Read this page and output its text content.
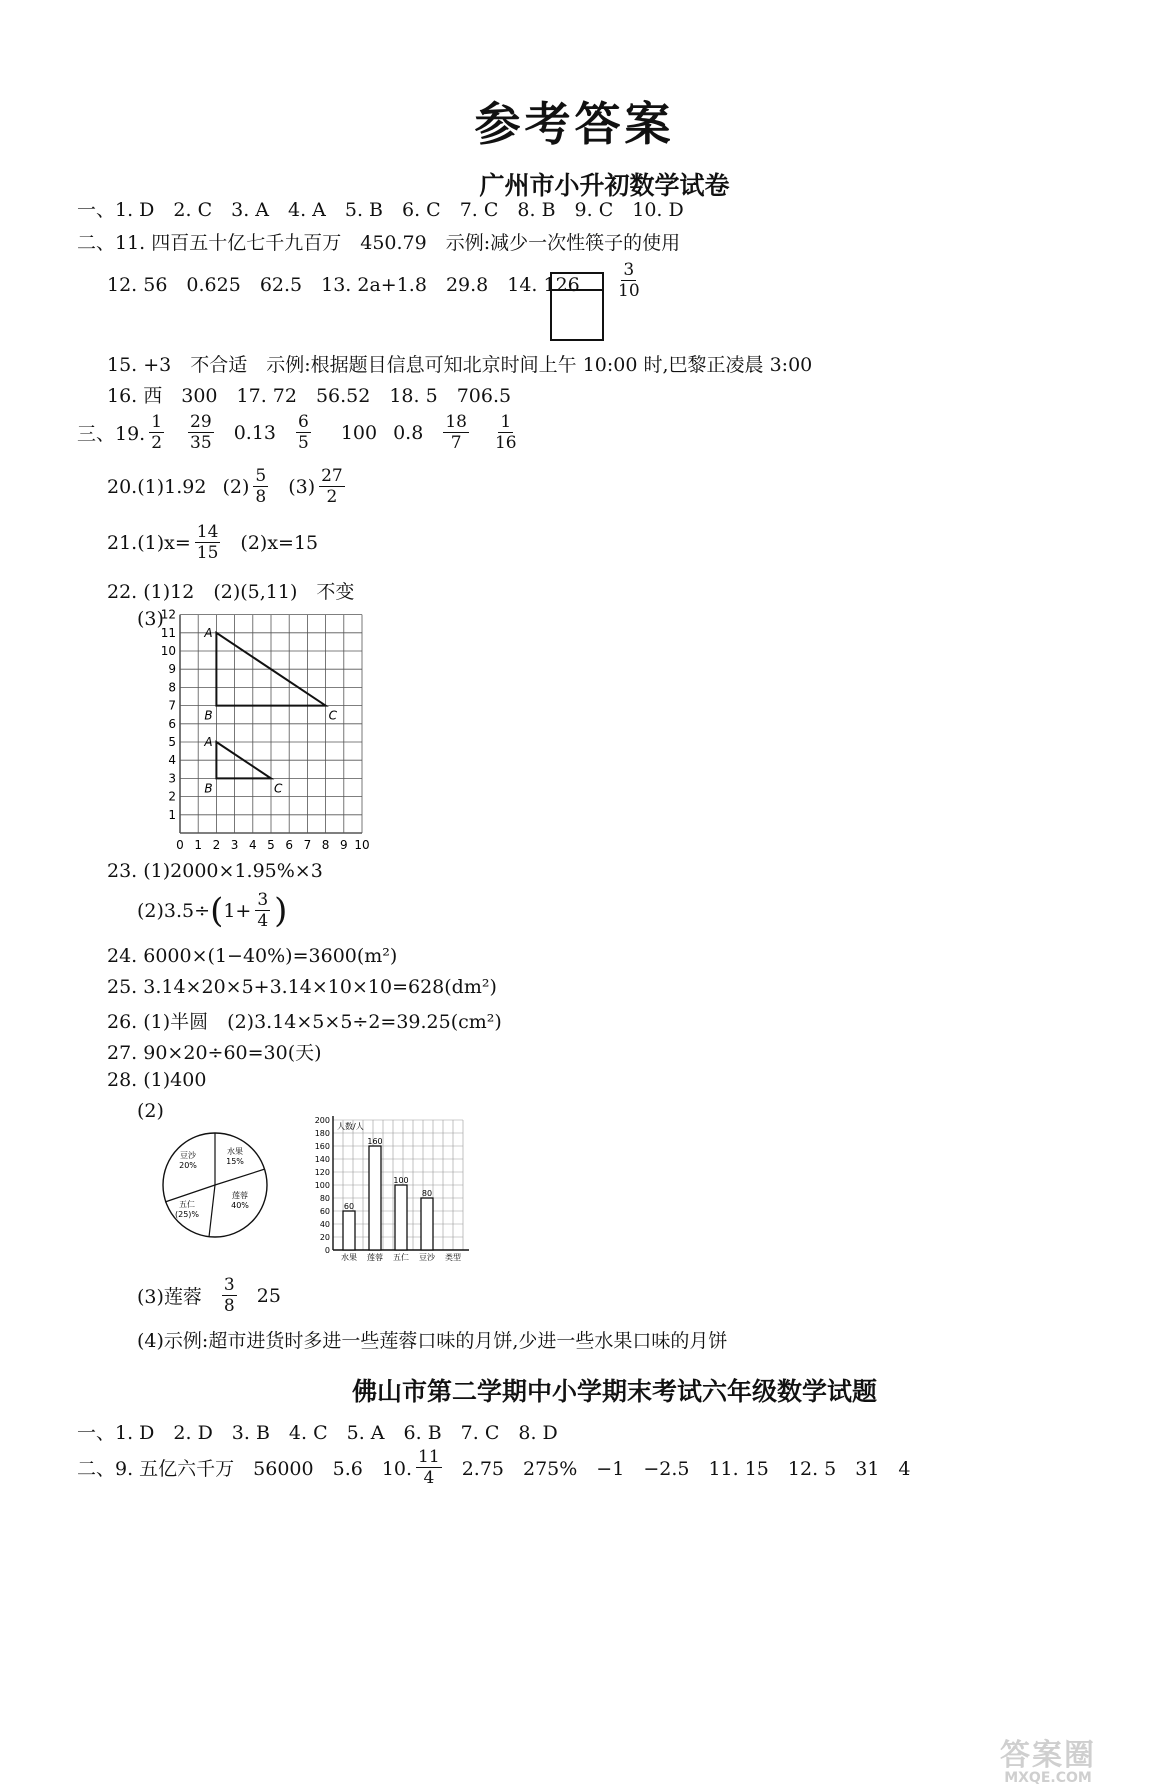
参考答案
广州市小升初数学试卷
一、1. D　2. C　3. A　4. A　5. B　6. C　7. C　8. B　9. C　10. D
二、11. 四百五十亿七千九百万　450.79　示例:减少一次性筷子的使用
12. 56　0.625　62.5　13. 2a+1.8　29.8　14. $126 \frac{3}{10}$
15. +3　不合适　示例:根据题目信息可知北京时间上午 10:00 时,巴黎正凌晨 3:00
16. 西　300　17. 72　56.52　18. 5　706.5
三、19. $\frac{1}{2} \frac{29}{35} 0.13 \frac{6}{5} 100$ $0.8 \frac{18}{7} \frac{1}{16}$
20. (1)1.92 $(2) \frac{5}{8} (3) \frac{27}{2}$
21. $(1)x= \frac{14}{15} (2)x=15$
22. (1)12　(2)(5,11)　不变
(3)
12
11
10
9
8
7
6
5
4
3
2
1
0 1 2 3 4 5 6 7 8 9 10
A
B	C
A
B	C
23. (1)2000×1.95%×3
(2)3.5÷ ( $1+ \frac{3}{4}$ )
24. 6000×(1−40%)=3600(m²)
25. 3.14×20×5+3.14×10×10=628(dm²)
26. (1)半圆　(2)3.14×5×5÷2=39.25(cm²)
27. 90×20÷60=30(天)
28. (1)400
(2)
豆沙
20%
水果
15%
莲蓉
40%
五仁
(25)%
0
20
40
60
80
100
120
140
160
180
200
人数/人
60
水果
160
莲蓉
100
五仁
80
豆沙 类型
(3)莲蓉 $\frac{3}{8} 25$
(4)示例:超市进货时多进一些莲蓉口味的月饼,少进一些水果口味的月饼
佛山市第二学期中小学期末考试六年级数学试题
一、1. D　2. D　3. B　4. C　5. A　6. B　7. C　8. D
二、9. 五亿六千万　56000　5.6　10. $\frac{11}{4} 2.75$　275%　−1　−2.5　11. 15　12. 5　31　4
答案圈
MXQE.COM
